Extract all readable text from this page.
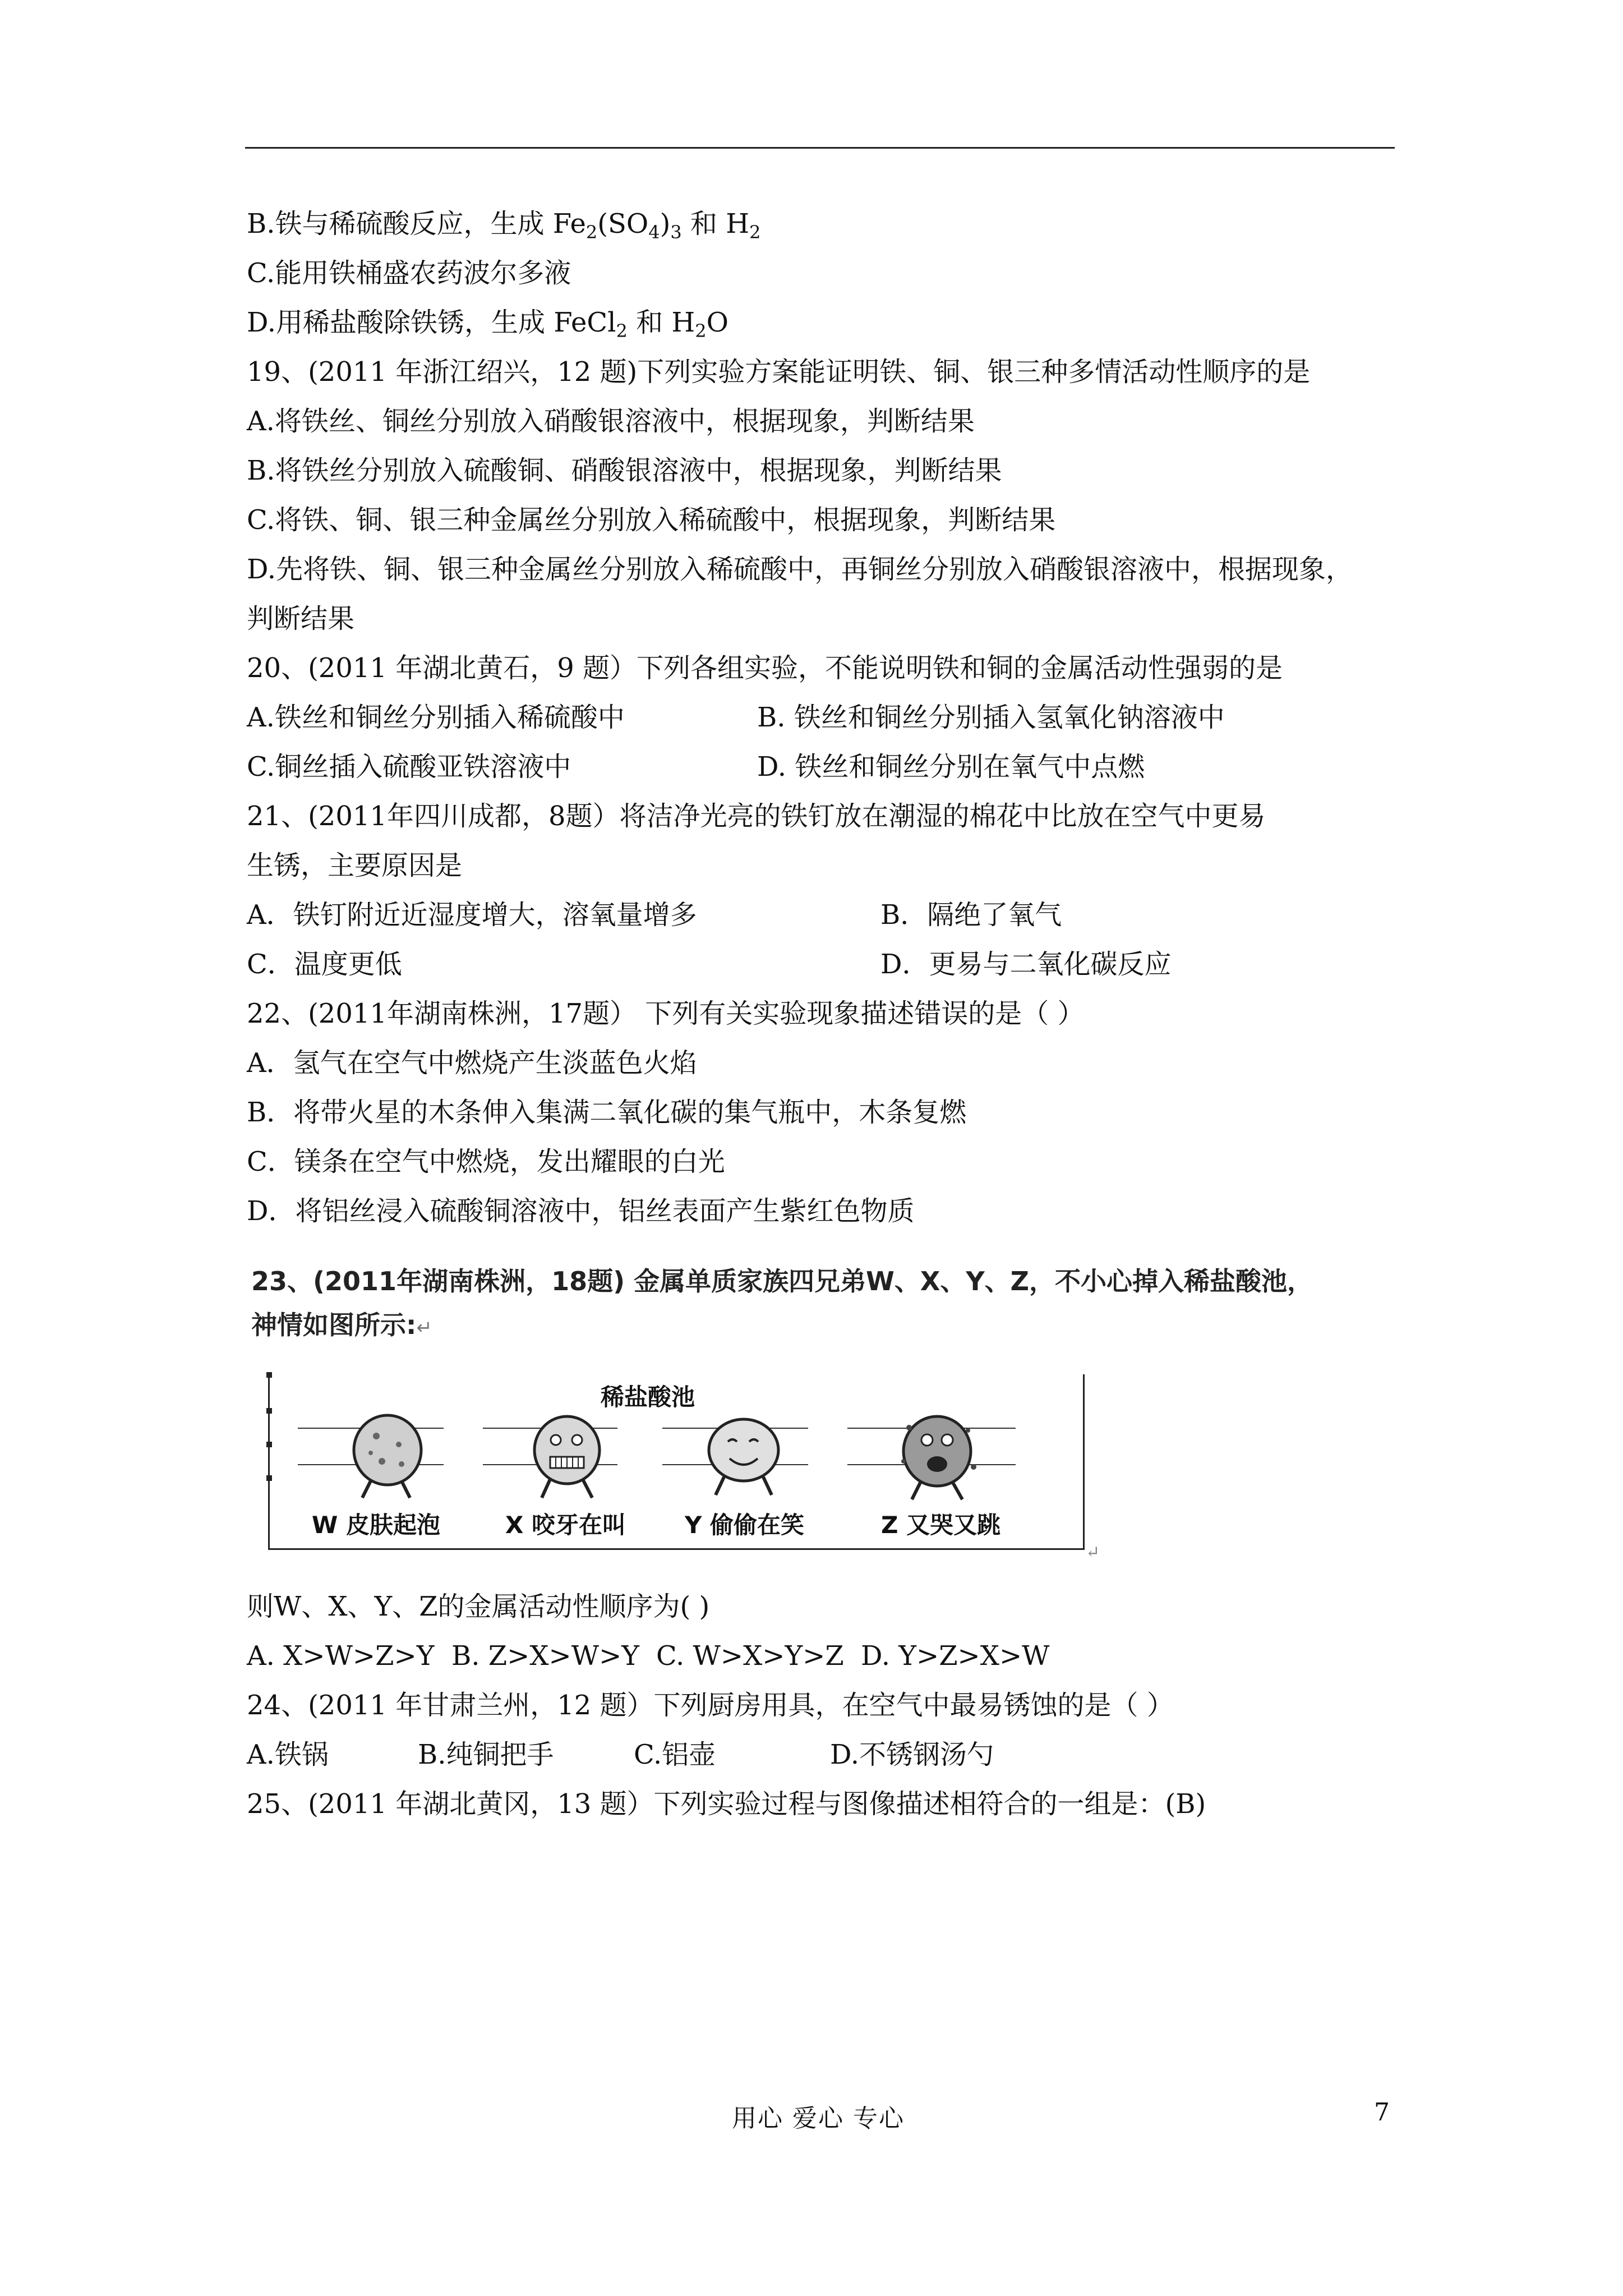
B.铁与稀硫酸反应，生成 $Fe_2(SO_4)_3$ 和 $H_2$
C.能用铁桶盛农药波尔多液
D.用稀盐酸除铁锈，生成 FeCl$_2$ 和 $H_2O$
19、(2011 年浙江绍兴，12 题)下列实验方案能证明铁、铜、银三种多情活动性顺序的是
A.将铁丝、铜丝分别放入硝酸银溶液中，根据现象，判断结果
B.将铁丝分别放入硫酸铜、硝酸银溶液中，根据现象，判断结果
C.将铁、铜、银三种金属丝分别放入稀硫酸中，根据现象，判断结果
D.先将铁、铜、银三种金属丝分别放入稀硫酸中，再铜丝分别放入硝酸银溶液中，根据现象，
判断结果
20、(2011 年湖北黄石，9 题）下列各组实验，不能说明铁和铜的金属活动性强弱的是
A.铁丝和铜丝分别插入稀硫酸中	B. 铁丝和铜丝分别插入氢氧化钠溶液中
C.铜丝插入硫酸亚铁溶液中	D. 铁丝和铜丝分别在氧气中点燃
21、(2011年四川成都，8题）将洁净光亮的铁钉放在潮湿的棉花中比放在空气中更易
生锈，主要原因是
A．铁钉附近近湿度增大，溶氧量增多	B．隔绝了氧气
C．温度更低	D．更易与二氧化碳反应
22、(2011年湖南株洲，17题） 下列有关实验现象描述错误的是（ ）
A．氢气在空气中燃烧产生淡蓝色火焰
B．将带火星的木条伸入集满二氧化碳的集气瓶中，木条复燃
C．镁条在空气中燃烧，发出耀眼的白光
D．将铝丝浸入硫酸铜溶液中，铝丝表面产生紫红色物质
23、(2011年湖南株洲，18题) 金属单质家族四兄弟W、X、Y、Z，不小心掉入稀盐酸池，
神情如图所示:↵
稀盐酸池
W 皮肤起泡	X 咬牙在叫 Y 偷偷在笑	Z 又哭又跳
↵
则W、X、Y、Z的金属活动性顺序为( )
A. X>W>Z>Y B. Z>X>W>Y C. W>X>Y>Z D. Y>Z>X>W
24、(2011 年甘肃兰州，12 题）下列厨房用具，在空气中最易锈蚀的是（ ）
A.铁锅	B.纯铜把手	C.铝壶	D.不锈钢汤勺
25、(2011 年湖北黄冈，13 题）下列实验过程与图像描述相符合的一组是：(B)
用心 爱心 专心	7
